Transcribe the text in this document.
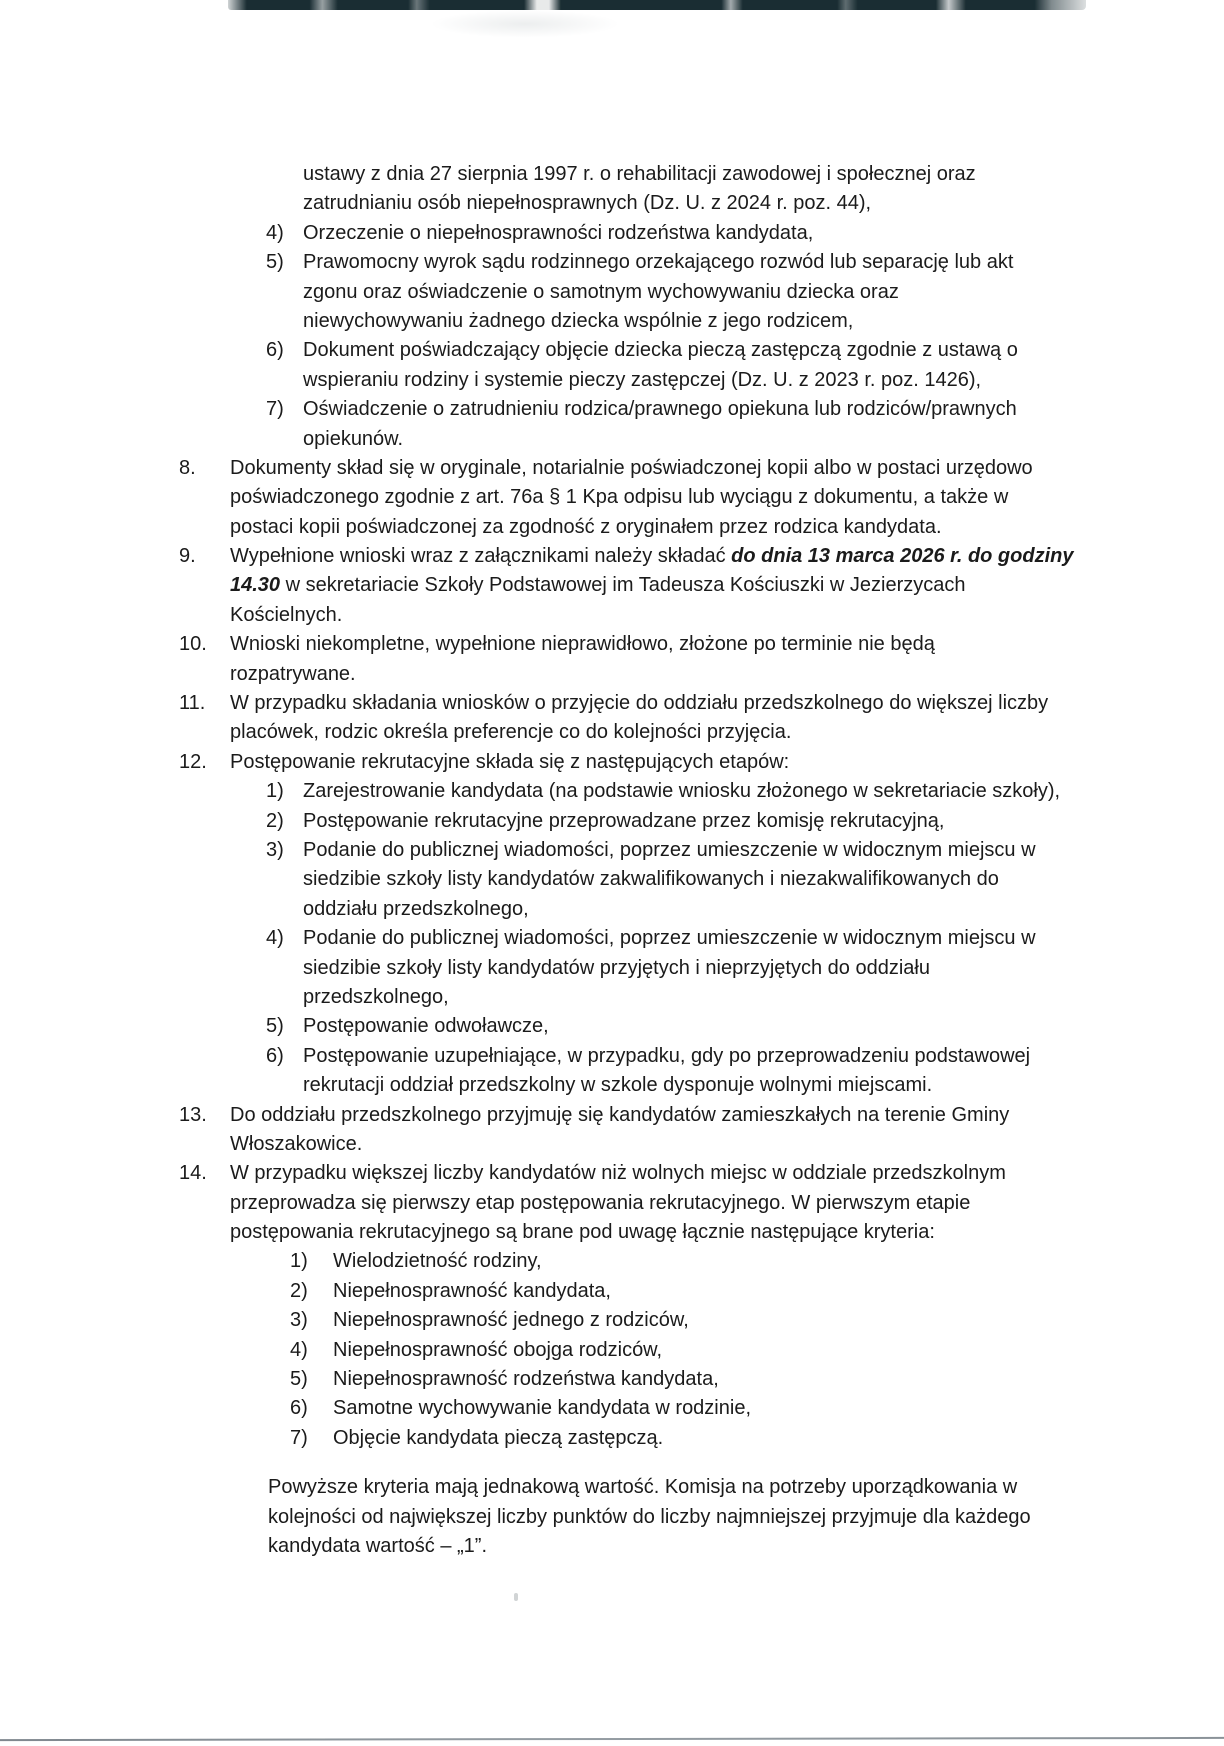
ustawy z dnia 27 sierpnia 1997 r. o rehabilitacji zawodowej i społecznej oraz
zatrudnianiu osób niepełnosprawnych (Dz. U. z 2024 r. poz. 44),
4) Orzeczenie o niepełnosprawności rodzeństwa kandydata,
5) Prawomocny wyrok sądu rodzinnego orzekającego rozwód lub separację lub akt
zgonu oraz oświadczenie o samotnym wychowywaniu dziecka oraz
niewychowywaniu żadnego dziecka wspólnie z jego rodzicem,
6) Dokument poświadczający objęcie dziecka pieczą zastępczą zgodnie z ustawą o
wspieraniu rodziny i systemie pieczy zastępczej (Dz. U. z 2023 r. poz. 1426),
7) Oświadczenie o zatrudnieniu rodzica/prawnego opiekuna lub rodziców/prawnych
opiekunów.
8. Dokumenty skład się w oryginale, notarialnie poświadczonej kopii albo w postaci urzędowo
poświadczonego zgodnie z art. 76a § 1 Kpa odpisu lub wyciągu z dokumentu, a także w
postaci kopii poświadczonej za zgodność z oryginałem przez rodzica kandydata.
9. Wypełnione wnioski wraz z załącznikami należy składać do dnia 13 marca 2026 r. do godziny
14.30 w sekretariacie Szkoły Podstawowej im Tadeusza Kościuszki w Jezierzycach
Kościelnych.
10. Wnioski niekompletne, wypełnione nieprawidłowo, złożone po terminie nie będą
rozpatrywane.
11. W przypadku składania wniosków o przyjęcie do oddziału przedszkolnego do większej liczby
placówek, rodzic określa preferencje co do kolejności przyjęcia.
12. Postępowanie rekrutacyjne składa się z następujących etapów:
1) Zarejestrowanie kandydata (na podstawie wniosku złożonego w sekretariacie szkoły),
2) Postępowanie rekrutacyjne przeprowadzane przez komisję rekrutacyjną,
3) Podanie do publicznej wiadomości, poprzez umieszczenie w widocznym miejscu w
siedzibie szkoły listy kandydatów zakwalifikowanych i niezakwalifikowanych do
oddziału przedszkolnego,
4) Podanie do publicznej wiadomości, poprzez umieszczenie w widocznym miejscu w
siedzibie szkoły listy kandydatów przyjętych i nieprzyjętych do oddziału
przedszkolnego,
5) Postępowanie odwoławcze,
6) Postępowanie uzupełniające, w przypadku, gdy po przeprowadzeniu podstawowej
rekrutacji oddział przedszkolny w szkole dysponuje wolnymi miejscami.
13. Do oddziału przedszkolnego przyjmuję się kandydatów zamieszkałych na terenie Gminy
Włoszakowice.
14. W przypadku większej liczby kandydatów niż wolnych miejsc w oddziale przedszkolnym
przeprowadza się pierwszy etap postępowania rekrutacyjnego. W pierwszym etapie
postępowania rekrutacyjnego są brane pod uwagę łącznie następujące kryteria:
1) Wielodzietność rodziny,
2) Niepełnosprawność kandydata,
3) Niepełnosprawność jednego z rodziców,
4) Niepełnosprawność obojga rodziców,
5) Niepełnosprawność rodzeństwa kandydata,
6) Samotne wychowywanie kandydata w rodzinie,
7) Objęcie kandydata pieczą zastępczą.
Powyższe kryteria mają jednakową wartość. Komisja na potrzeby uporządkowania w
kolejności od największej liczby punktów do liczby najmniejszej przyjmuje dla każdego
kandydata wartość – „1”.
